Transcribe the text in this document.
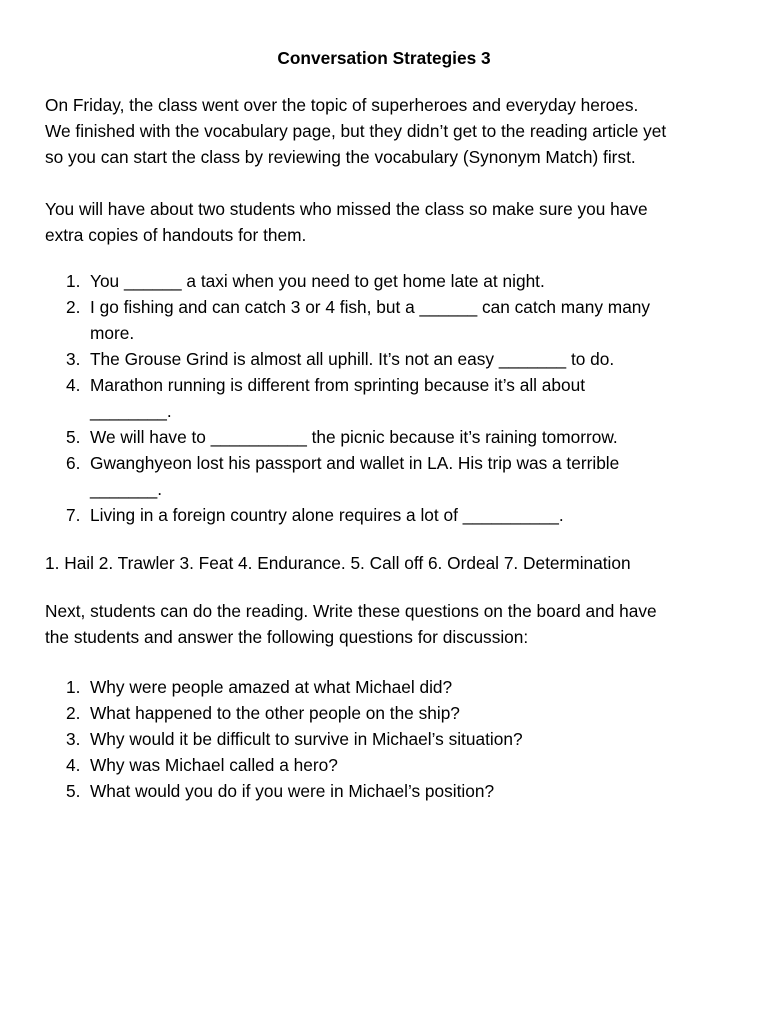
Conversation Strategies 3

On Friday, the class went over the topic of superheroes and everyday heroes.
We finished with the vocabulary page, but they didn’t get to the reading article yet
so you can start the class by reviewing the vocabulary (Synonym Match) first.

You will have about two students who missed the class so make sure you have
extra copies of handouts for them.

1. You ______ a taxi when you need to get home late at night.
2. I go fishing and can catch 3 or 4 fish, but a ______ can catch many many
more.
3. The Grouse Grind is almost all uphill. It’s not an easy _______ to do.
4. Marathon running is different from sprinting because it’s all about
________.
5. We will have to __________ the picnic because it’s raining tomorrow.
6. Gwanghyeon lost his passport and wallet in LA. His trip was a terrible
_______.
7. Living in a foreign country alone requires a lot of __________.

1. Hail 2. Trawler 3. Feat 4. Endurance. 5. Call off 6. Ordeal 7. Determination

Next, students can do the reading. Write these questions on the board and have
the students and answer the following questions for discussion:

1. Why were people amazed at what Michael did?
2. What happened to the other people on the ship?
3. Why would it be difficult to survive in Michael’s situation?
4. Why was Michael called a hero?
5. What would you do if you were in Michael’s position?
